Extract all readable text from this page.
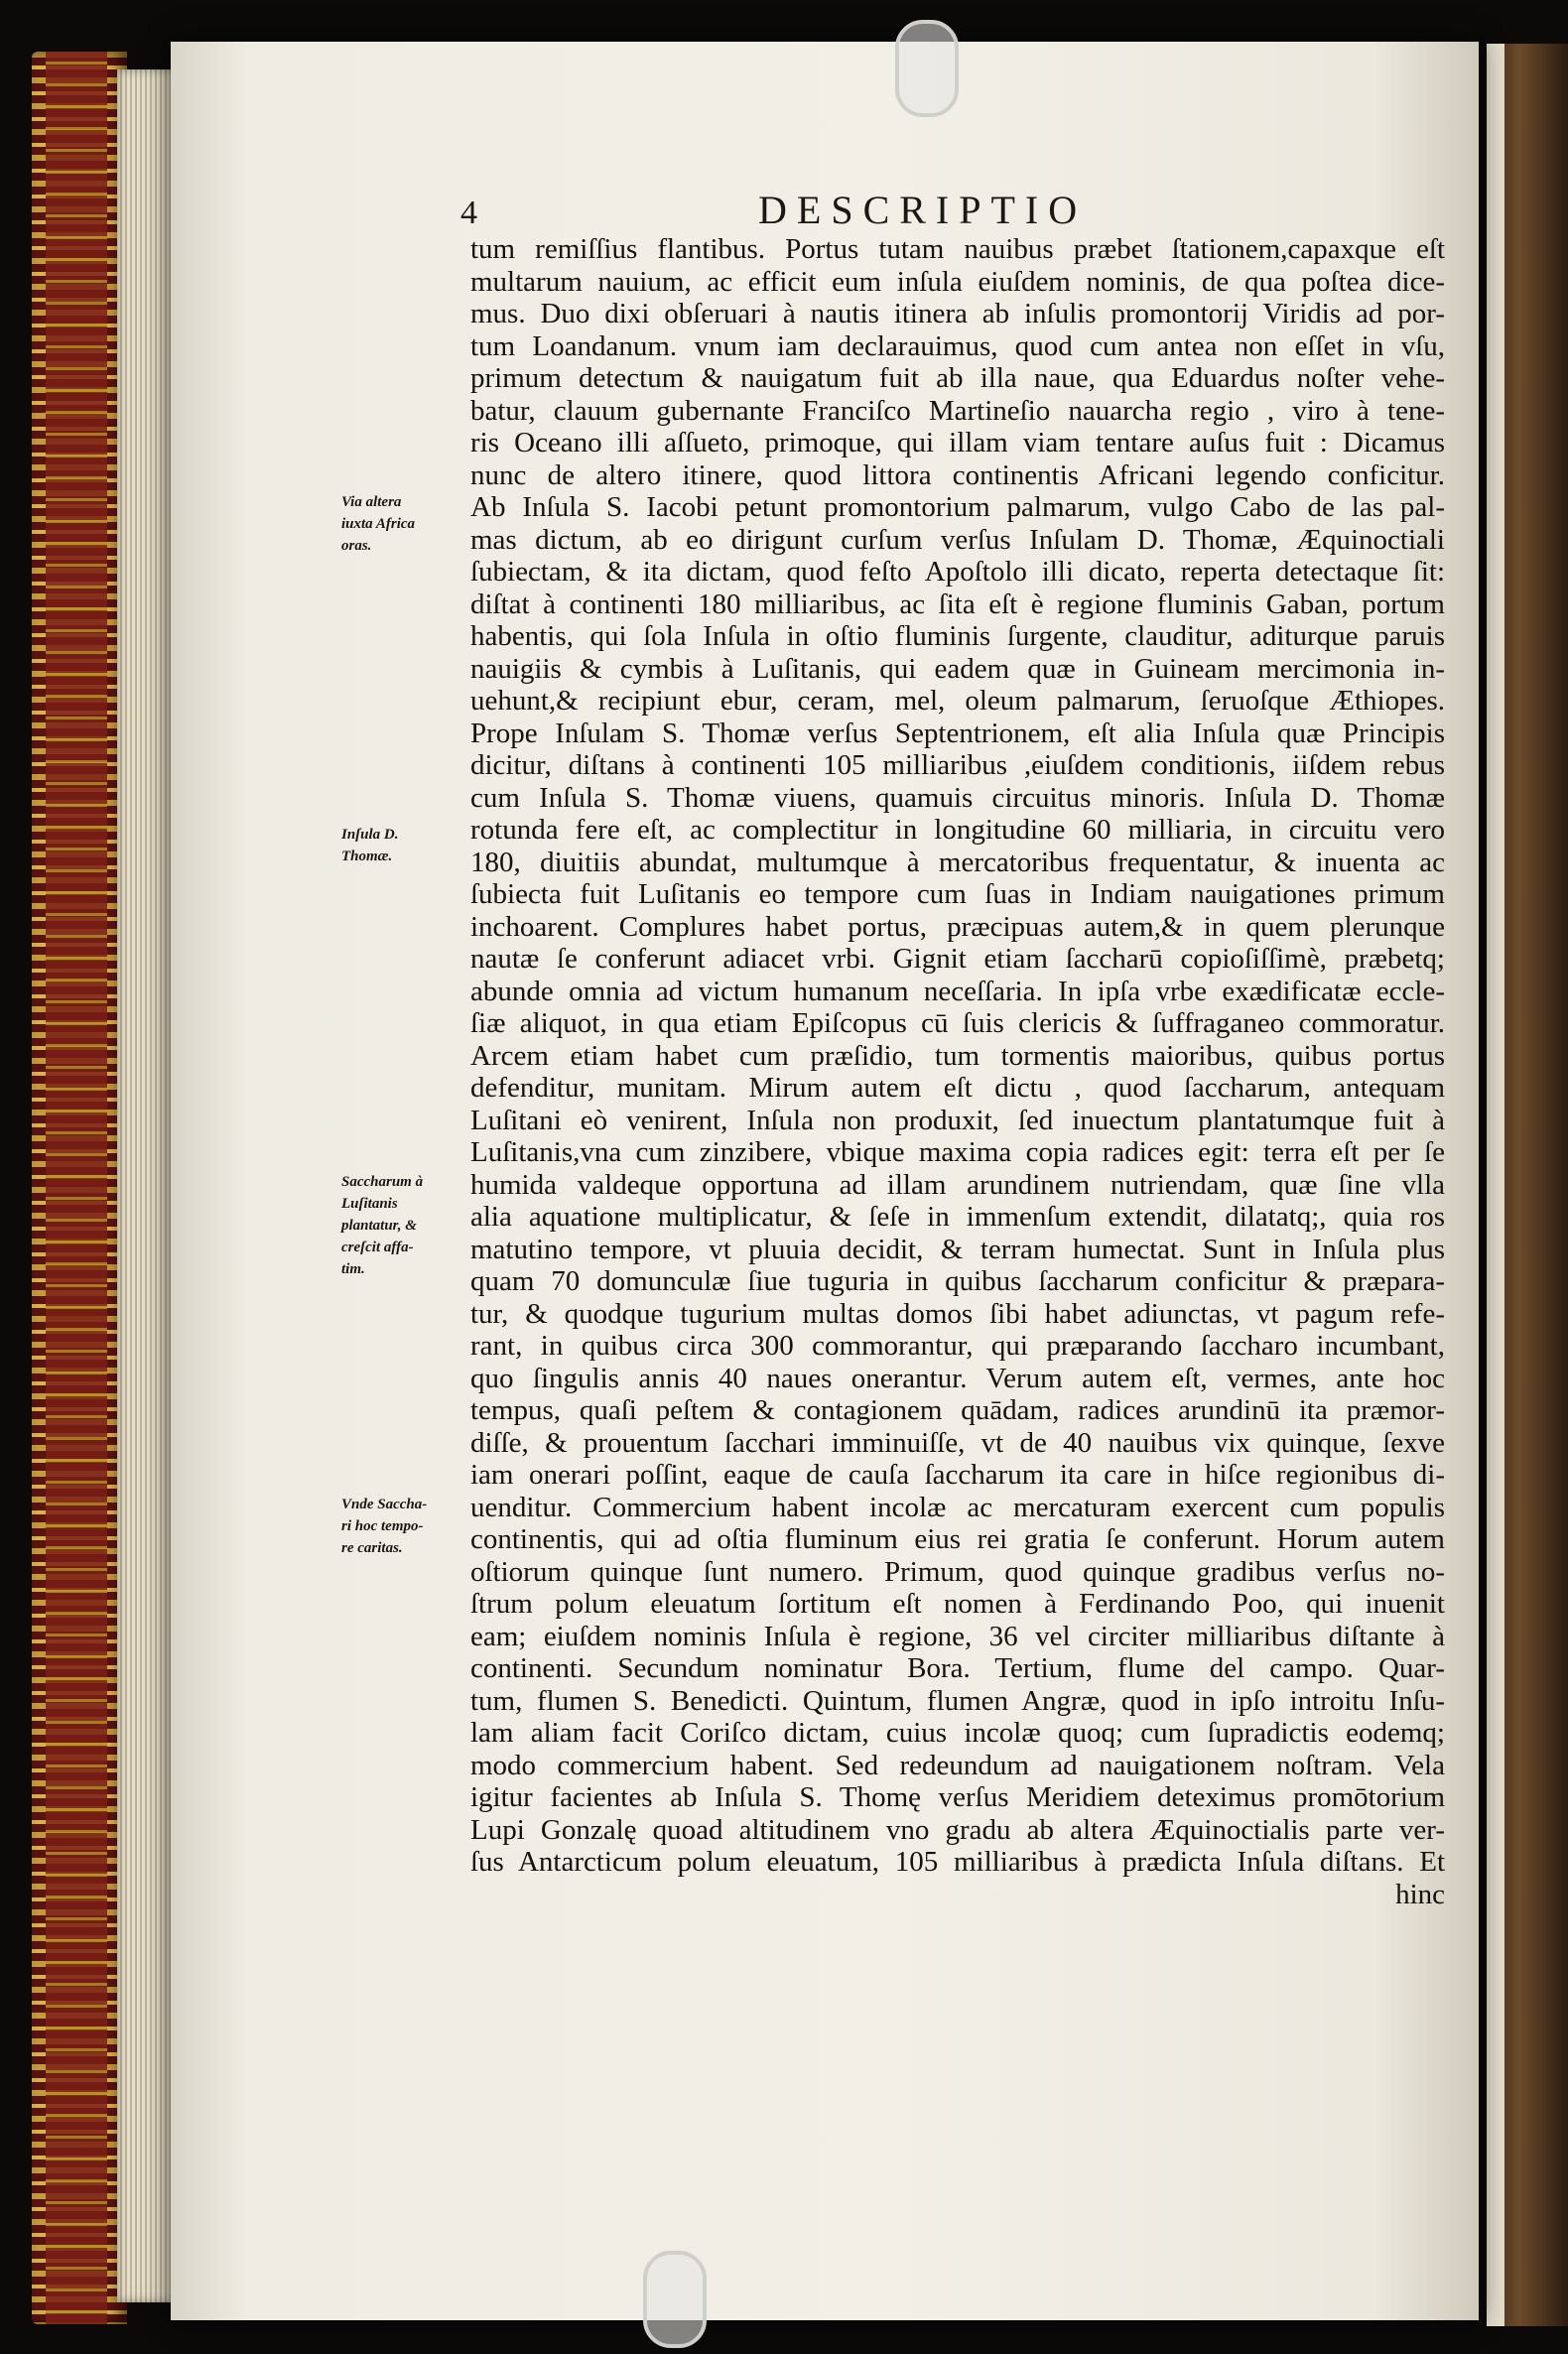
4	DESCRIPTIO
Via altera
iuxta Africa
oras.
Inſula D.
Thomæ.
Saccharum à
Luſitanis
plantatur, &
creſcit affa-
tim.
Vnde Saccha-
ri hoc tempo-
re caritas.
tum remiſſius flantibus. Portus tutam nauibus præbet ſtationem,capaxque eſt
multarum nauium, ac efficit eum inſula eiuſdem nominis, de qua poſtea dice-
mus. Duo dixi obſeruari à nautis itinera ab inſulis promontorij Viridis ad por-
tum Loandanum. vnum iam declarauimus, quod cum antea non eſſet in vſu,
primum detectum & nauigatum fuit ab illa naue, qua Eduardus noſter vehe-
batur, clauum gubernante Franciſco Martineſio nauarcha regio , viro à tene-
ris Oceano illi aſſueto, primoque, qui illam viam tentare auſus fuit : Dicamus
nunc de altero itinere, quod littora continentis Africani legendo conficitur.
Ab Inſula S. Iacobi petunt promontorium palmarum, vulgo Cabo de las pal-
mas dictum, ab eo dirigunt curſum verſus Inſulam D. Thomæ, Æquinoctiali
ſubiectam, & ita dictam, quod feſto Apoſtolo illi dicato, reperta detectaque ſit:
diſtat à continenti 180 milliaribus, ac ſita eſt è regione fluminis Gaban, portum
habentis, qui ſola Inſula in oſtio fluminis ſurgente, clauditur, aditurque paruis
nauigiis & cymbis à Luſitanis, qui eadem quæ in Guineam mercimonia in-
uehunt,& recipiunt ebur, ceram, mel, oleum palmarum, ſeruoſque Æthiopes.
Prope Inſulam S. Thomæ verſus Septentrionem, eſt alia Inſula quæ Principis
dicitur, diſtans à continenti 105 milliaribus ,eiuſdem conditionis, iiſdem rebus
cum Inſula S. Thomæ viuens, quamuis circuitus minoris. Inſula D. Thomæ
rotunda fere eſt, ac complectitur in longitudine 60 milliaria, in circuitu vero
180, diuitiis abundat, multumque à mercatoribus frequentatur, & inuenta ac
ſubiecta fuit Luſitanis eo tempore cum ſuas in Indiam nauigationes primum
inchoarent. Complures habet portus, præcipuas autem,& in quem plerunque
nautæ ſe conferunt adiacet vrbi. Gignit etiam ſaccharū copioſiſſimè, præbetq;
abunde omnia ad victum humanum neceſſaria. In ipſa vrbe exædificatæ eccle-
ſiæ aliquot, in qua etiam Epiſcopus cū ſuis clericis & ſuffraganeo commoratur.
Arcem etiam habet cum præſidio, tum tormentis maioribus, quibus portus
defenditur, munitam. Mirum autem eſt dictu , quod ſaccharum, antequam
Luſitani eò venirent, Inſula non produxit, ſed inuectum plantatumque fuit à
Luſitanis,vna cum zinzibere, vbique maxima copia radices egit: terra eſt per ſe
humida valdeque opportuna ad illam arundinem nutriendam, quæ ſine vlla
alia aquatione multiplicatur, & ſeſe in immenſum extendit, dilatatq;, quia ros
matutino tempore, vt pluuia decidit, & terram humectat. Sunt in Inſula plus
quam 70 domunculæ ſiue tuguria in quibus ſaccharum conficitur & præpara-
tur, & quodque tugurium multas domos ſibi habet adiunctas, vt pagum refe-
rant, in quibus circa 300 commorantur, qui præparando ſaccharo incumbant,
quo ſingulis annis 40 naues onerantur. Verum autem eſt, vermes, ante hoc
tempus, quaſi peſtem & contagionem quādam, radices arundinū ita præmor-
diſſe, & prouentum ſacchari imminuiſſe, vt de 40 nauibus vix quinque, ſexve
iam onerari poſſint, eaque de cauſa ſaccharum ita care in hiſce regionibus di-
uenditur. Commercium habent incolæ ac mercaturam exercent cum populis
continentis, qui ad oſtia fluminum eius rei gratia ſe conferunt. Horum autem
oſtiorum quinque ſunt numero. Primum, quod quinque gradibus verſus no-
ſtrum polum eleuatum ſortitum eſt nomen à Ferdinando Poo, qui inuenit
eam; eiuſdem nominis Inſula è regione, 36 vel circiter milliaribus diſtante à
continenti. Secundum nominatur Bora. Tertium, flume del campo. Quar-
tum, flumen S. Benedicti. Quintum, flumen Angræ, quod in ipſo introitu Inſu-
lam aliam facit Coriſco dictam, cuius incolæ quoq; cum ſupradictis eodemq;
modo commercium habent. Sed redeundum ad nauigationem noſtram. Vela
igitur facientes ab Inſula S. Thomę verſus Meridiem deteximus promōtorium
Lupi Gonzalę quoad altitudinem vno gradu ab altera Æquinoctialis parte ver-
ſus Antarcticum polum eleuatum, 105 milliaribus à prædicta Inſula diſtans. Et
hinc
